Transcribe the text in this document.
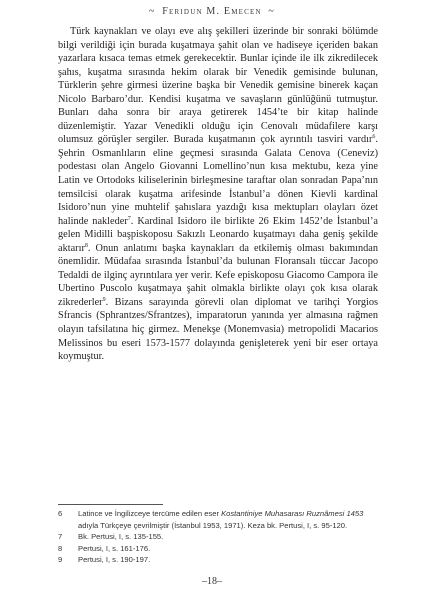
~ Ferıdun M. Emecen ~

Türk kaynakları ve olayı eve alış şekilleri üzerinde bir sonraki bölümde bilgi verildiği için burada kuşatmaya şahit olan ve hadiseye içeriden bakan yazarlara kısaca temas etmek gerekecektir. Bunlar içinde ile ilk zikredilecek şahıs, kuşatma sırasında hekim olarak bir Venedik gemisinde bulunan, Türklerin şehre girmesi üzerine başka bir Venedik gemisine binerek kaçan Nicolo Barbaro’dur. Kendisi kuşatma ve savaşların günlüğünü tutmuştur. Bunları daha sonra bir araya getirerek 1454’te bir kitap halinde düzenlemiştir. Yazar Venedikli olduğu için Cenovalı müdafilere karşı olumsuz görüşler sergiler. Burada kuşatmanın çok ayrıntılı tasviri vardır$^6$. Şehrin Osmanlıların eline geçmesi sırasında Galata Cenova (Ceneviz) podestası olan Angelo Giovanni Lomellino’nun kısa mektubu, keza yine Latin ve Ortodoks kiliselerinin birleşmesine taraftar olan sonradan Papa’nın temsilcisi olarak kuşatma arifesinde İstanbul’a dönen Kievli kardinal Isidoro’nun yine muhtelif şahıslara yazdığı kısa mektupları olayları özet halinde nakleder$^7$. Kardinal Isidoro ile birlikte 26 Ekim 1452’de İstanbul’a gelen Midilli başpiskoposu Sakızlı Leonardo kuşatmayı daha geniş şekilde aktarır$^8$. Onun anlatımı başka kaynakları da etkilemiş olması bakımından önemlidir. Müdafaa sırasında İstanbul’da bulunan Floransalı tüccar Jacopo Tedaldi de ilginç ayrıntılara yer verir. Kefe episkoposu Giacomo Campora ile Ubertino Puscolo kuşatmaya şahit olmakla birlikte olayı çok kısa olarak zikrederler$^9$. Bizans sarayında görevli olan diplomat ve tarihçi Yorgios Sfrancis (Sphrantzes/Sfrantzes), imparatorun yanında yer almasına rağmen olayın tafsilatına hiç girmez. Menekşe (Monemvasia) metropolidi Macarios Melissinos bu eseri 1573-1577 dolayında genişleterek yeni bir eser ortaya koymuştur.

6	Latince ve İngilizceye tercüme edilen eser Kostantiniye Muhasarası Ruznâmesi 1453 adıyla Türkçeye çevrilmiştir (İstanbul 1953, 1971). Keza bk. Pertusi, I, s. 95-120.
7	Bk. Pertusi, I, s. 135-155.
8	Pertusi, I, s. 161-176.
9	Pertusi, I, s. 190-197.
–18–
